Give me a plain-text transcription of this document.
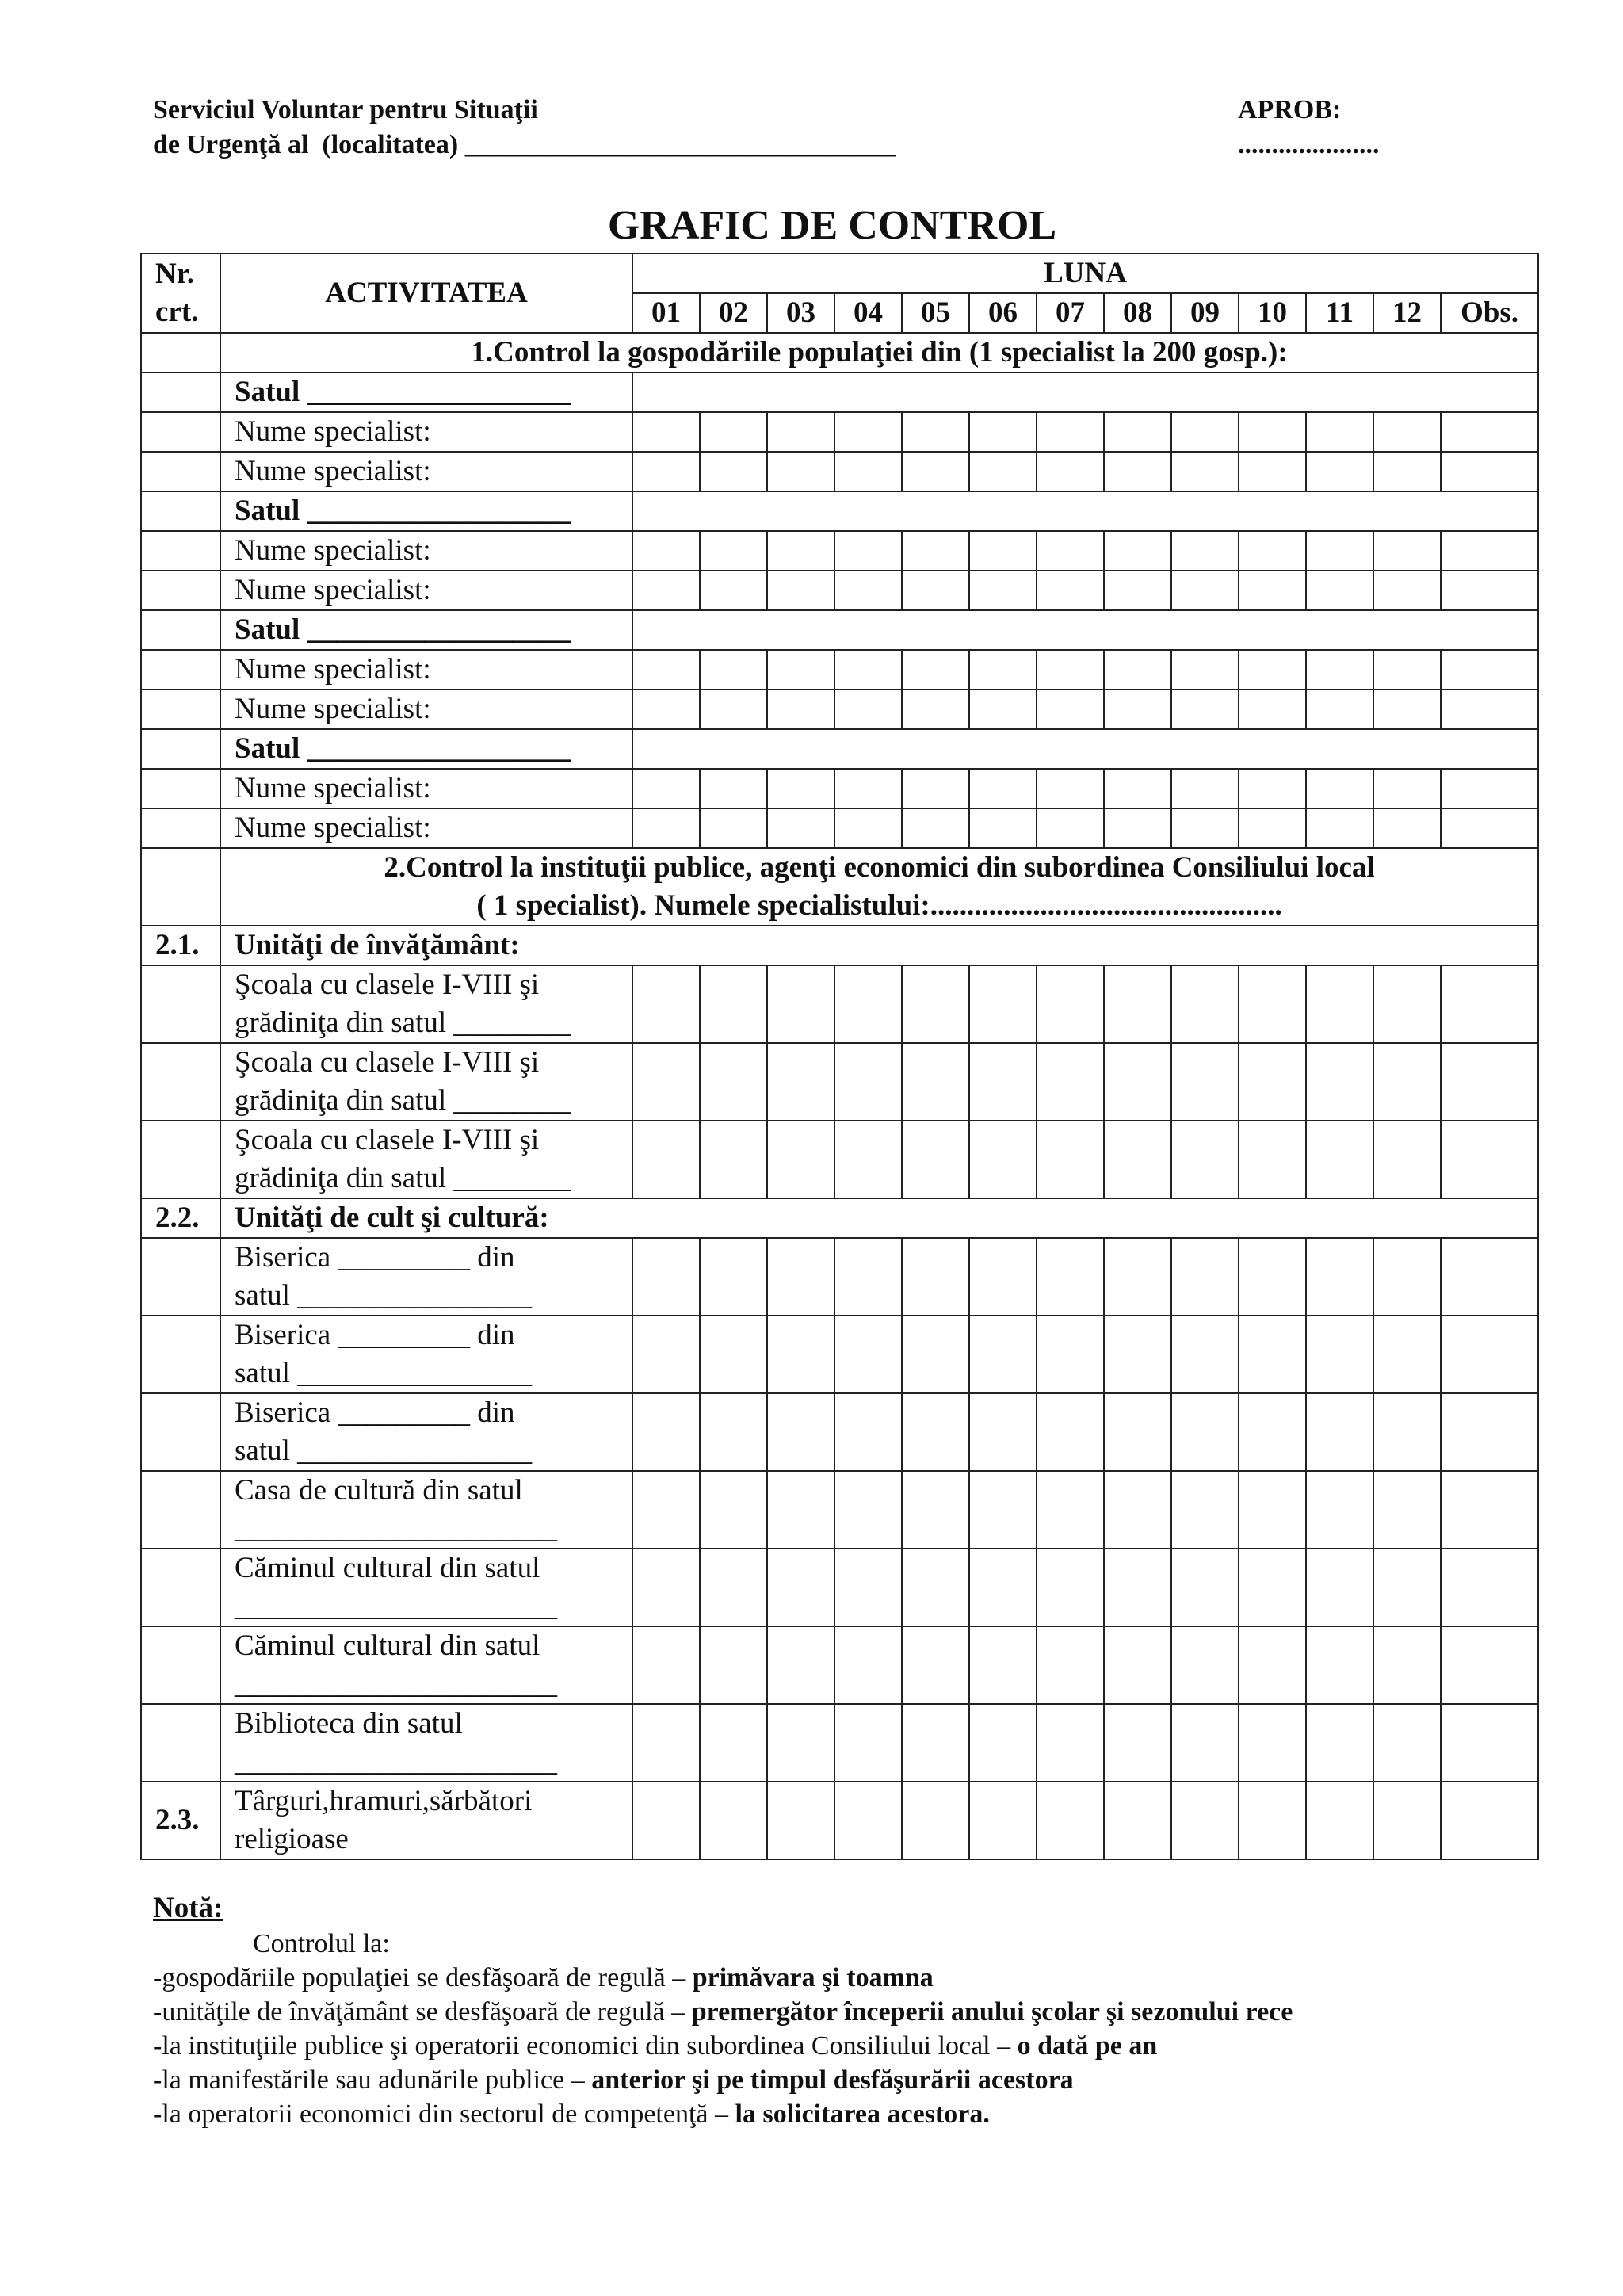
Serviciul Voluntar pentru Situaţii
de Urgenţă al  (localitatea) ________________________________
APROB:
.....................
GRAFIC DE CONTROL
Nr. crt.	ACTIVITATEA	LUNA												
		01	02	03	04	05	06	07	08	09	10	11	12	Obs.
	1.Control la gospodăriile populaţiei din (1 specialist la 200 gosp.):													
	Satul __________________													
	Nume specialist:													
	Nume specialist:													
	Satul __________________													
	Nume specialist:													
	Nume specialist:													
	Satul __________________													
	Nume specialist:													
	Nume specialist:													
	Satul __________________													
	Nume specialist:													
	Nume specialist:													

	2.Control la instituţii publice, agenţi economici din subordinea Consiliului local
( 1 specialist). Numele specialistului:................................................													

2.1.	Unităţi de învăţământ:													

	Şcoala cu clasele I-VIII şi
grădiniţa din satul ________													

	Şcoala cu clasele I-VIII şi
grădiniţa din satul ________													

	Şcoala cu clasele I-VIII şi
grădiniţa din satul ________													

2.2.	Unităţi de cult şi cultură:													

	Biserica _________ din
satul ________________													

	Biserica _________ din
satul ________________													

	Biserica _________ din
satul ________________													

	Casa de cultură din satul
______________________													

	Căminul cultural din satul
______________________													

	Căminul cultural din satul
______________________													

	Biblioteca din satul
______________________													

2.3.	Târguri,hramuri,sărbători
religioase													

Notă:
Controlul la:
-gospodăriile populaţiei se desfăşoară de regulă – primăvara şi toamna
-unităţile de învăţământ se desfăşoară de regulă – premergător începerii anului şcolar şi sezonului rece
-la instituţiile publice şi operatorii economici din subordinea Consiliului local – o dată pe an
-la manifestările sau adunările publice – anterior şi pe timpul desfăşurării acestora
-la operatorii economici din sectorul de competenţă – la solicitarea acestora.
